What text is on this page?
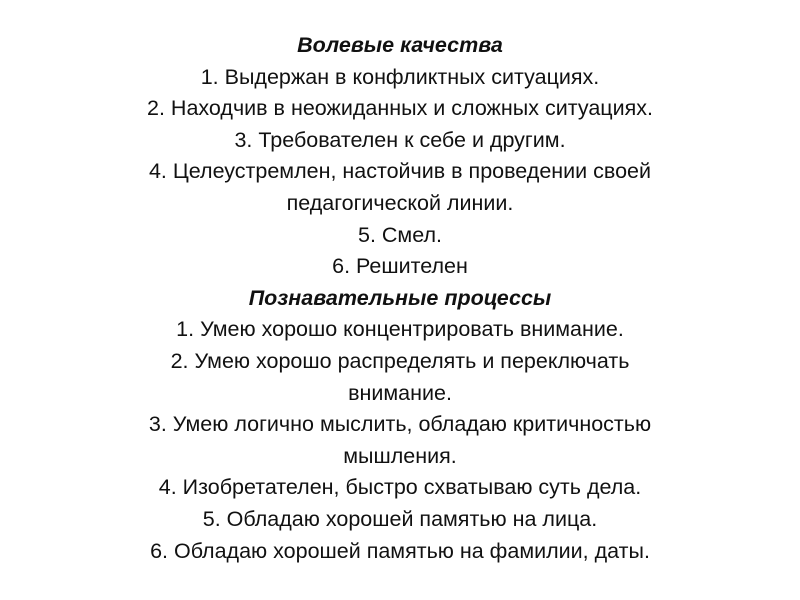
Волевые качества
1. Выдержан в конфликтных ситуациях.
2. Находчив в неожиданных и сложных ситуациях.
3. Требователен к себе и другим.
4. Целеустремлен, настойчив в проведении своей
педагогической линии.
5. Смел.
6. Решителен
Познавательные процессы
1. Умею хорошо концентрировать внимание.
2. Умею хорошо распределять и переключать
внимание.
3. Умею логично мыслить, обладаю критичностью
мышления.
4. Изобретателен, быстро схватываю суть дела.
5. Обладаю хорошей памятью на лица.
6. Обладаю хорошей памятью на фамилии, даты.
